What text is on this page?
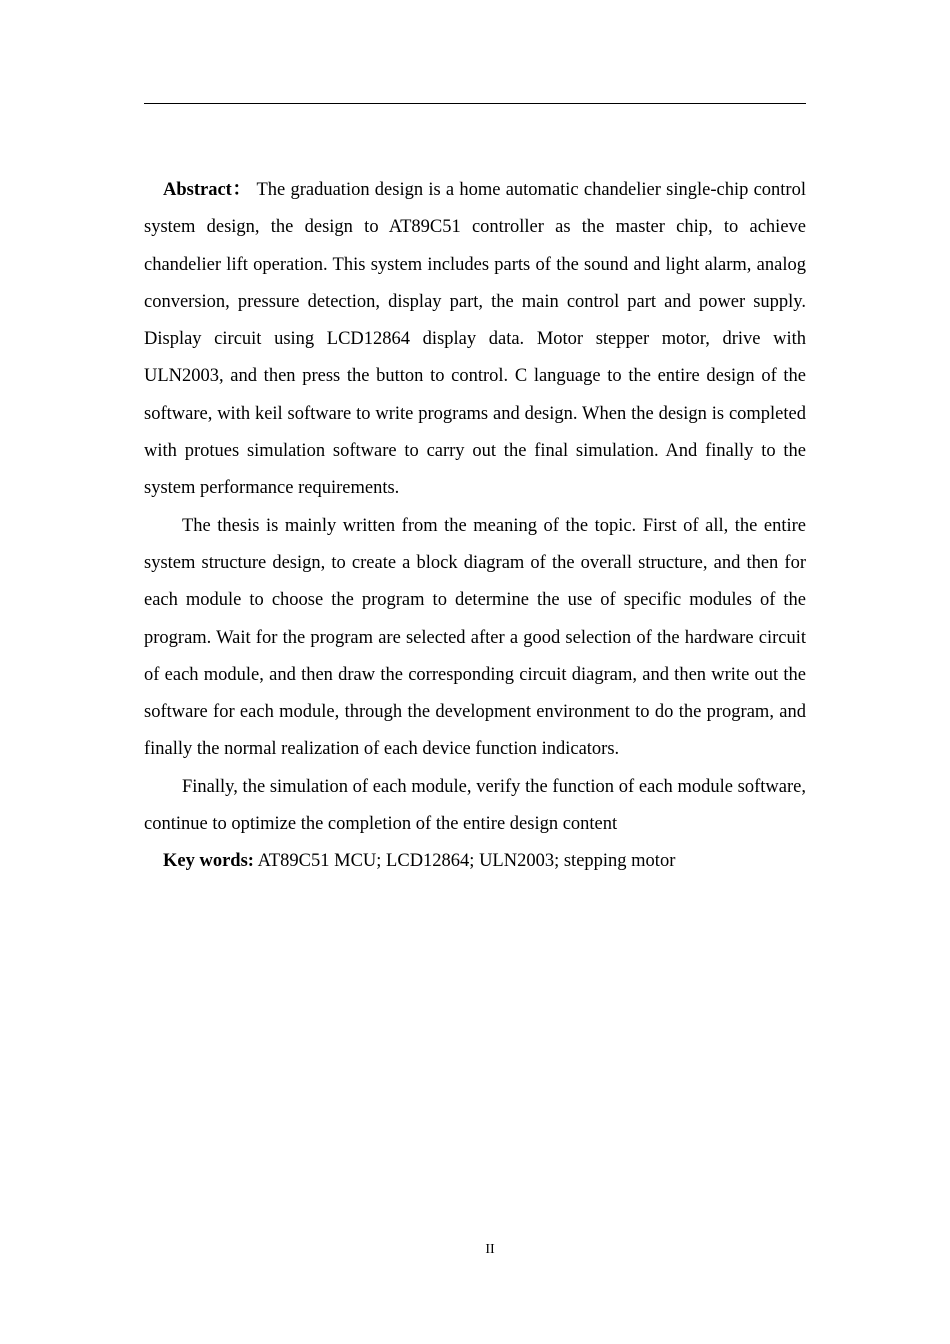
Abstract： The graduation design is a home automatic chandelier single-chip control system design, the design to AT89C51 controller as the master chip, to achieve chandelier lift operation. This system includes parts of the sound and light alarm, analog conversion, pressure detection, display part, the main control part and power supply. Display circuit using LCD12864 display data. Motor stepper motor, drive with ULN2003, and then press the button to control. C language to the entire design of the software, with keil software to write programs and design. When the design is completed with protues simulation software to carry out the final simulation. And finally to the system performance requirements.

The thesis is mainly written from the meaning of the topic. First of all, the entire system structure design, to create a block diagram of the overall structure, and then for each module to choose the program to determine the use of specific modules of the program. Wait for the program are selected after a good selection of the hardware circuit of each module, and then draw the corresponding circuit diagram, and then write out the software for each module, through the development environment to do the program, and finally the normal realization of each device function indicators.

Finally, the simulation of each module, verify the function of each module software, continue to optimize the completion of the entire design content

Key words: AT89C51 MCU; LCD12864; ULN2003; stepping motor

II
